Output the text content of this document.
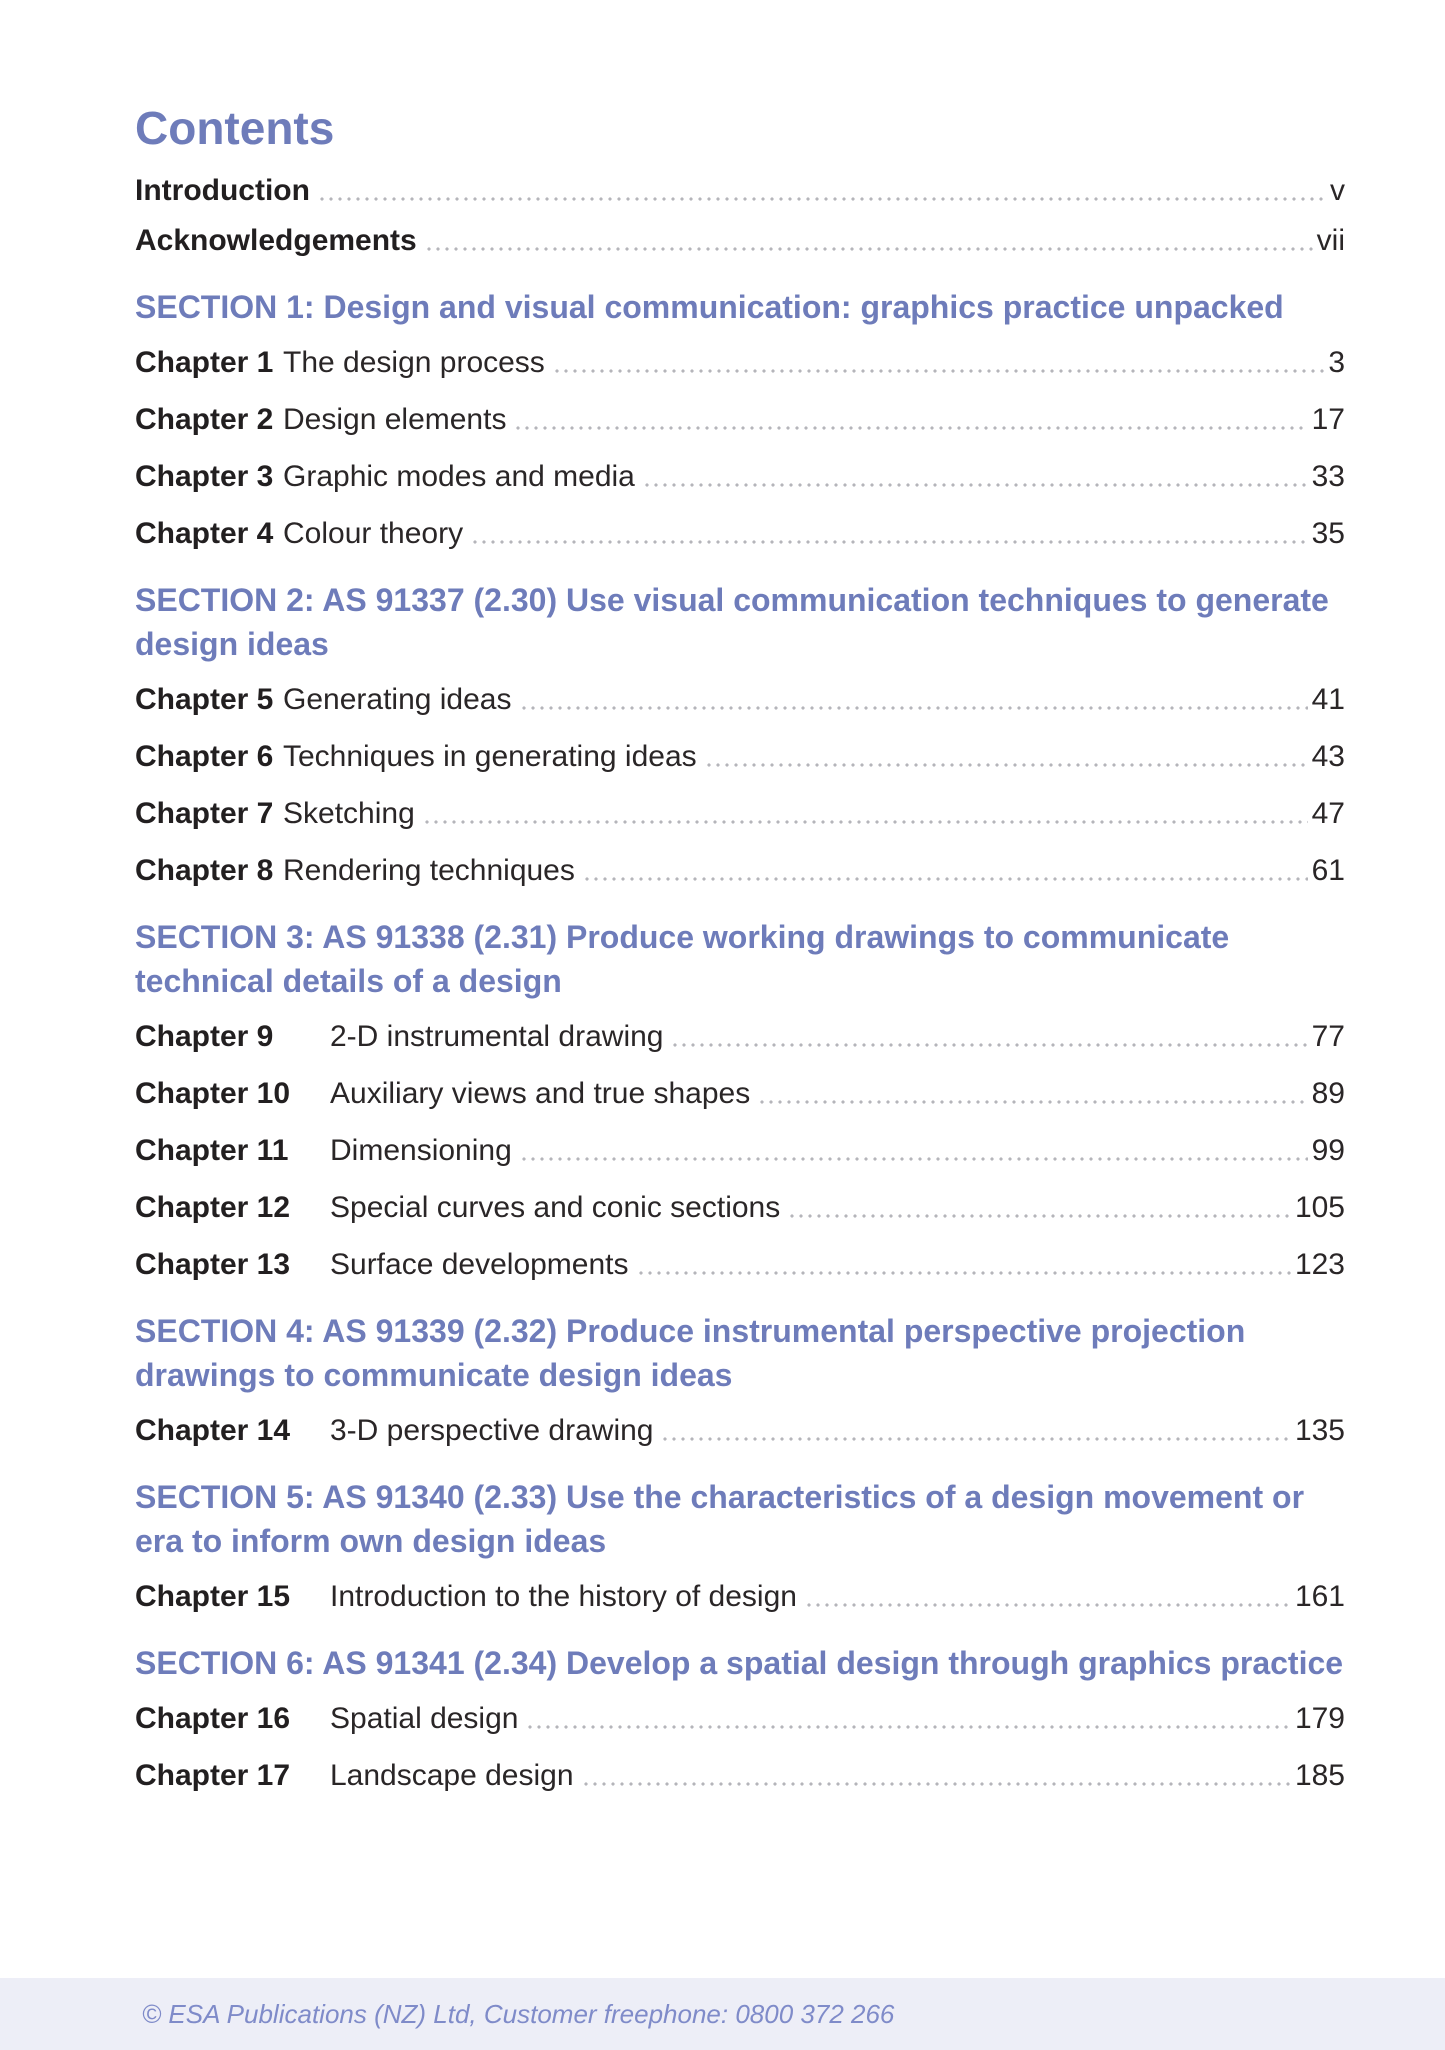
Contents
Introduction	v
Acknowledgements	vii
SECTION 1: Design and visual communication: graphics practice unpacked
Chapter 1 The design process	3
Chapter 2 Design elements	17
Chapter 3 Graphic modes and media	33
Chapter 4 Colour theory	35
SECTION 2: AS 91337 (2.30) Use visual communication techniques to generate design ideas
Chapter 5 Generating ideas	41
Chapter 6 Techniques in generating ideas	43
Chapter 7 Sketching	47
Chapter 8 Rendering techniques	61
SECTION 3: AS 91338 (2.31) Produce working drawings to communicate technical details of a design
Chapter 9	2-D instrumental drawing	77
Chapter 10	Auxiliary views and true shapes	89
Chapter 11	Dimensioning	99
Chapter 12	Special curves and conic sections	105
Chapter 13	Surface developments	123
SECTION 4: AS 91339 (2.32) Produce instrumental perspective projection drawings to communicate design ideas
Chapter 14	3-D perspective drawing	135
SECTION 5: AS 91340 (2.33) Use the characteristics of a design movement or era to inform own design ideas
Chapter 15	Introduction to the history of design	161
SECTION 6: AS 91341 (2.34) Develop a spatial design through graphics practice
Chapter 16	Spatial design	179
Chapter 17	Landscape design	185
© ESA Publications (NZ) Ltd, Customer freephone: 0800 372 266
